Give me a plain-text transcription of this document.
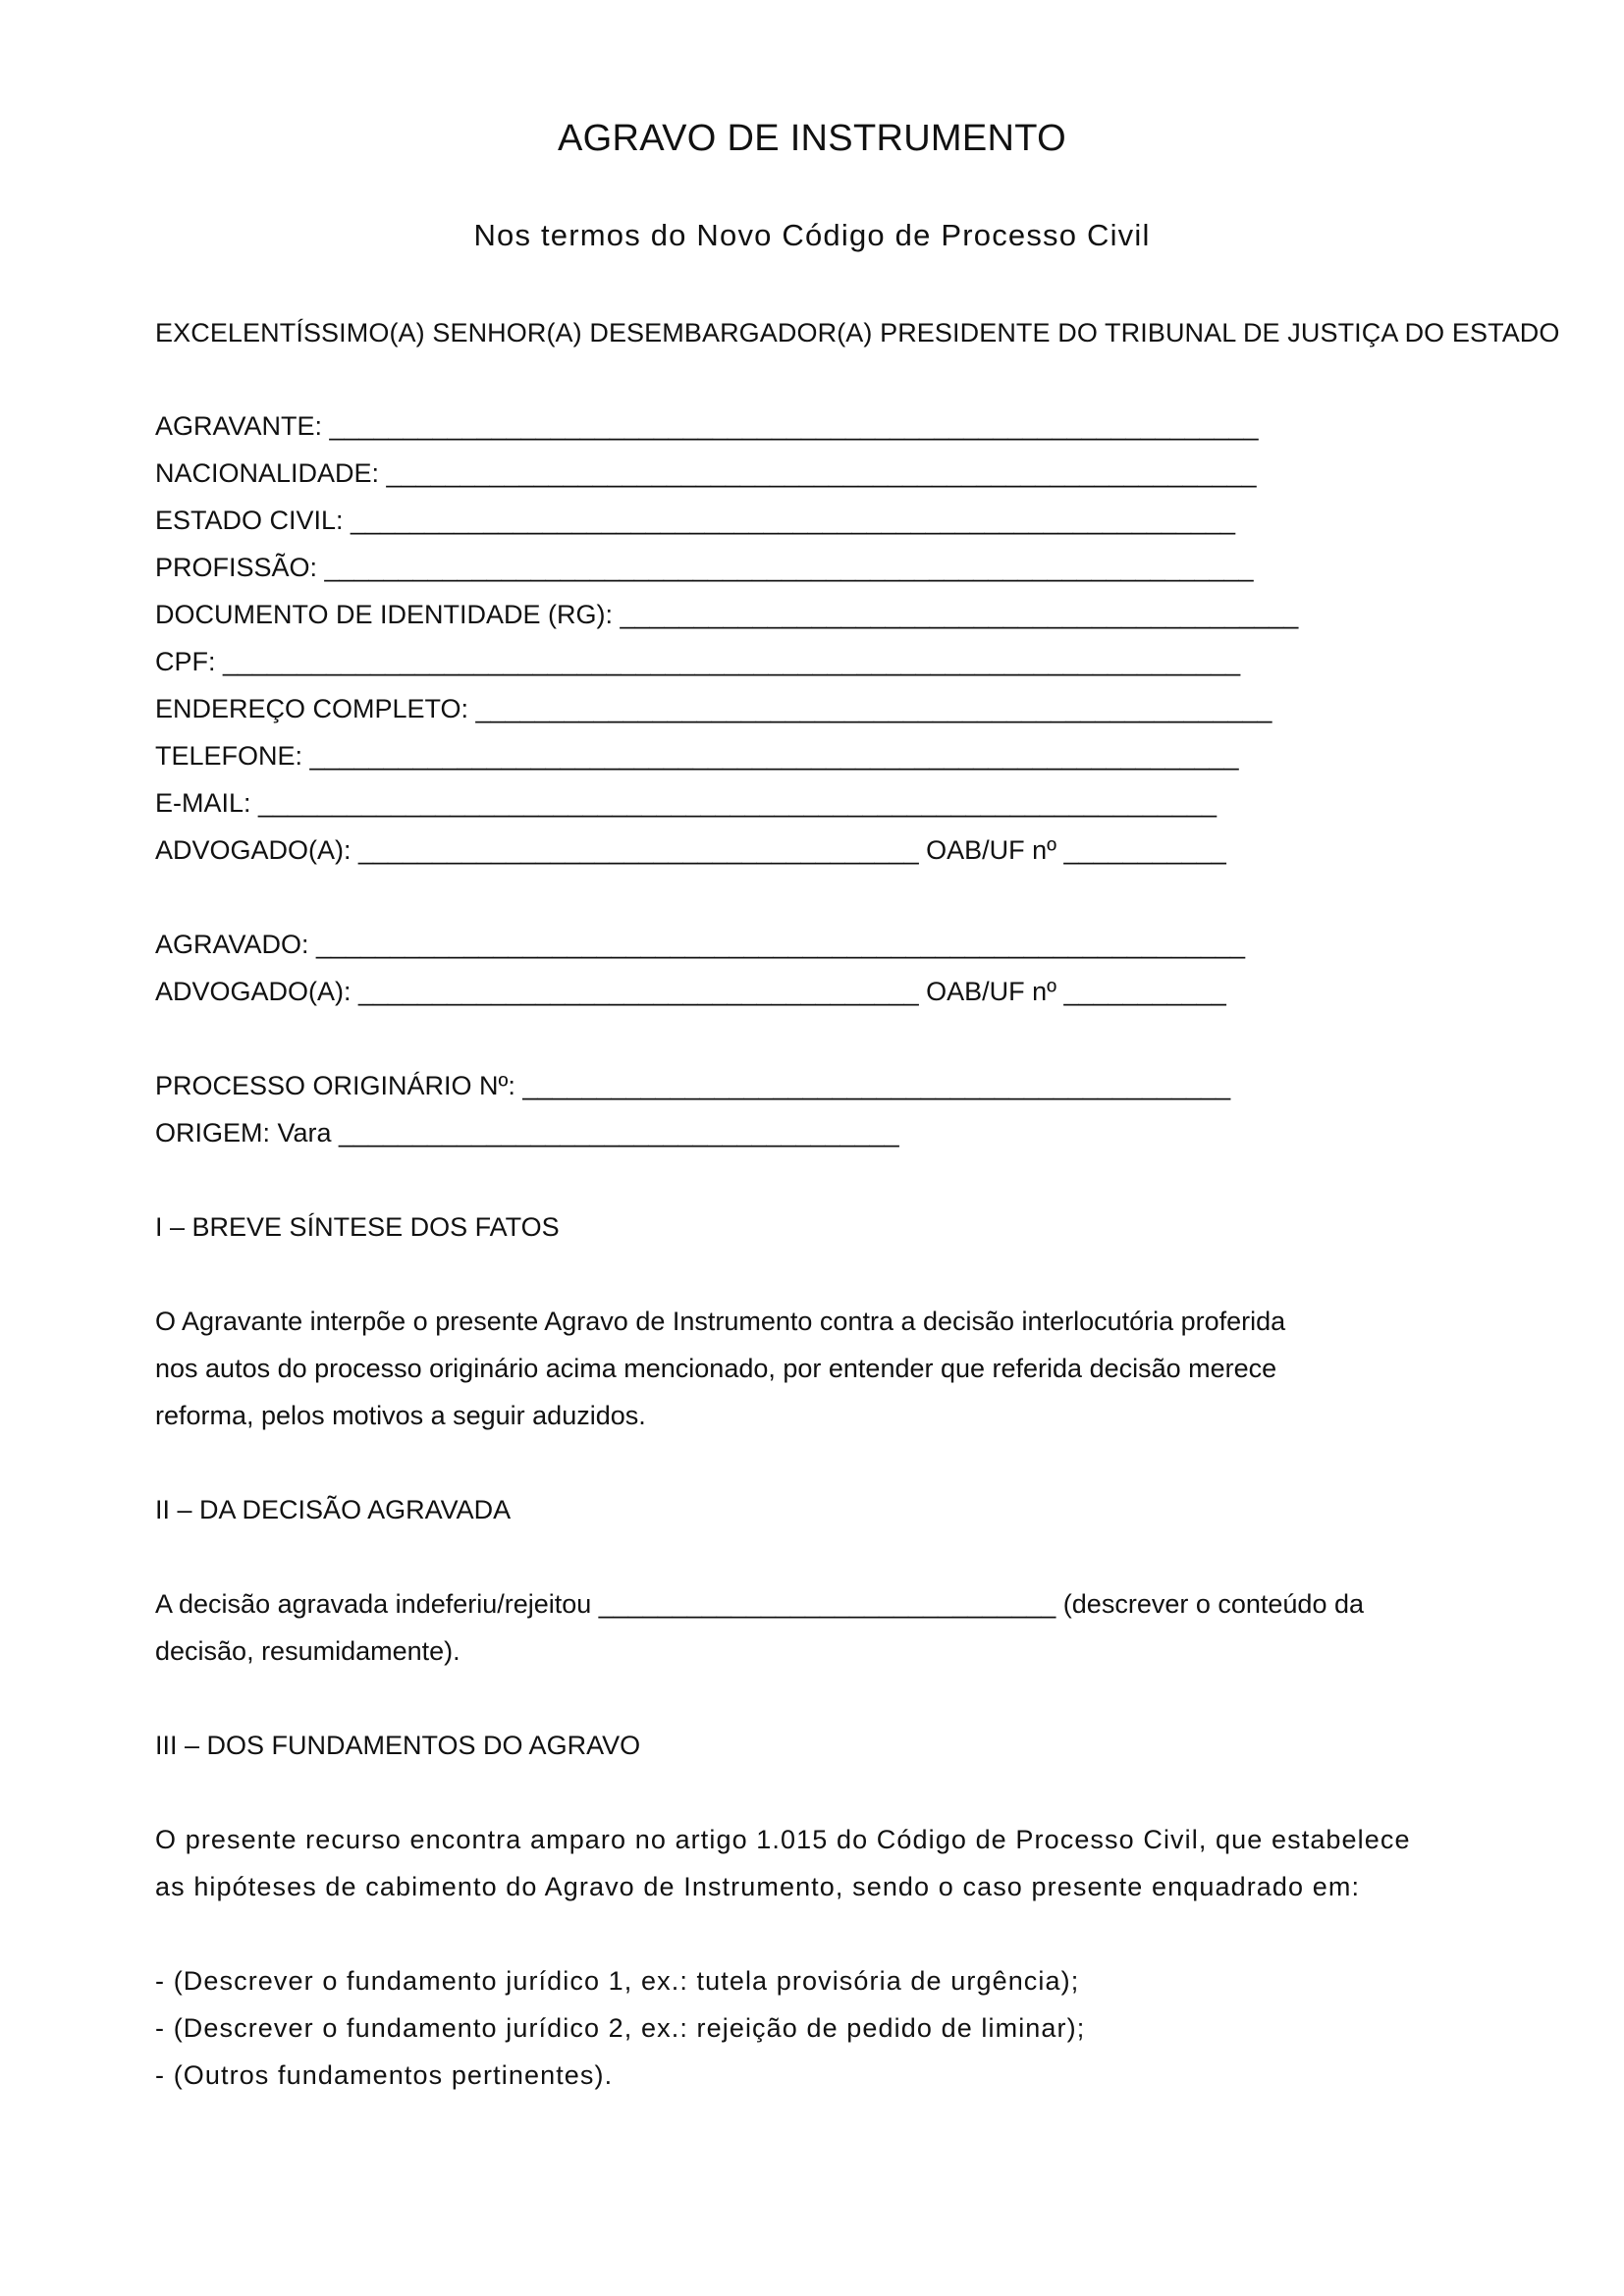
AGRAVO DE INSTRUMENTO
Nos termos do Novo Código de Processo Civil
EXCELENTÍSSIMO(A) SENHOR(A) DESEMBARGADOR(A) PRESIDENTE DO TRIBUNAL DE JUSTIÇA DO ESTADO
AGRAVANTE: _______________________________________________________________
NACIONALIDADE: ___________________________________________________________
ESTADO CIVIL: ____________________________________________________________
PROFISSÃO: _______________________________________________________________
DOCUMENTO DE IDENTIDADE (RG): ______________________________________________
CPF: _____________________________________________________________________
ENDEREÇO COMPLETO: ______________________________________________________
TELEFONE: _______________________________________________________________
E-MAIL: _________________________________________________________________
ADVOGADO(A): ______________________________________ OAB/UF nº ___________
AGRAVADO: _______________________________________________________________
ADVOGADO(A): ______________________________________ OAB/UF nº ___________
PROCESSO ORIGINÁRIO Nº: ________________________________________________
ORIGEM: Vara ______________________________________
I – BREVE SÍNTESE DOS FATOS
O Agravante interpõe o presente Agravo de Instrumento contra a decisão interlocutória proferida
nos autos do processo originário acima mencionado, por entender que referida decisão merece
reforma, pelos motivos a seguir aduzidos.
II – DA DECISÃO AGRAVADA
A decisão agravada indeferiu/rejeitou _______________________________ (descrever o conteúdo da
decisão, resumidamente).
III – DOS FUNDAMENTOS DO AGRAVO
O presente recurso encontra amparo no artigo 1.015 do Código de Processo Civil, que estabelece
as hipóteses de cabimento do Agravo de Instrumento, sendo o caso presente enquadrado em:
- (Descrever o fundamento jurídico 1, ex.: tutela provisória de urgência);
- (Descrever o fundamento jurídico 2, ex.: rejeição de pedido de liminar);
- (Outros fundamentos pertinentes).
